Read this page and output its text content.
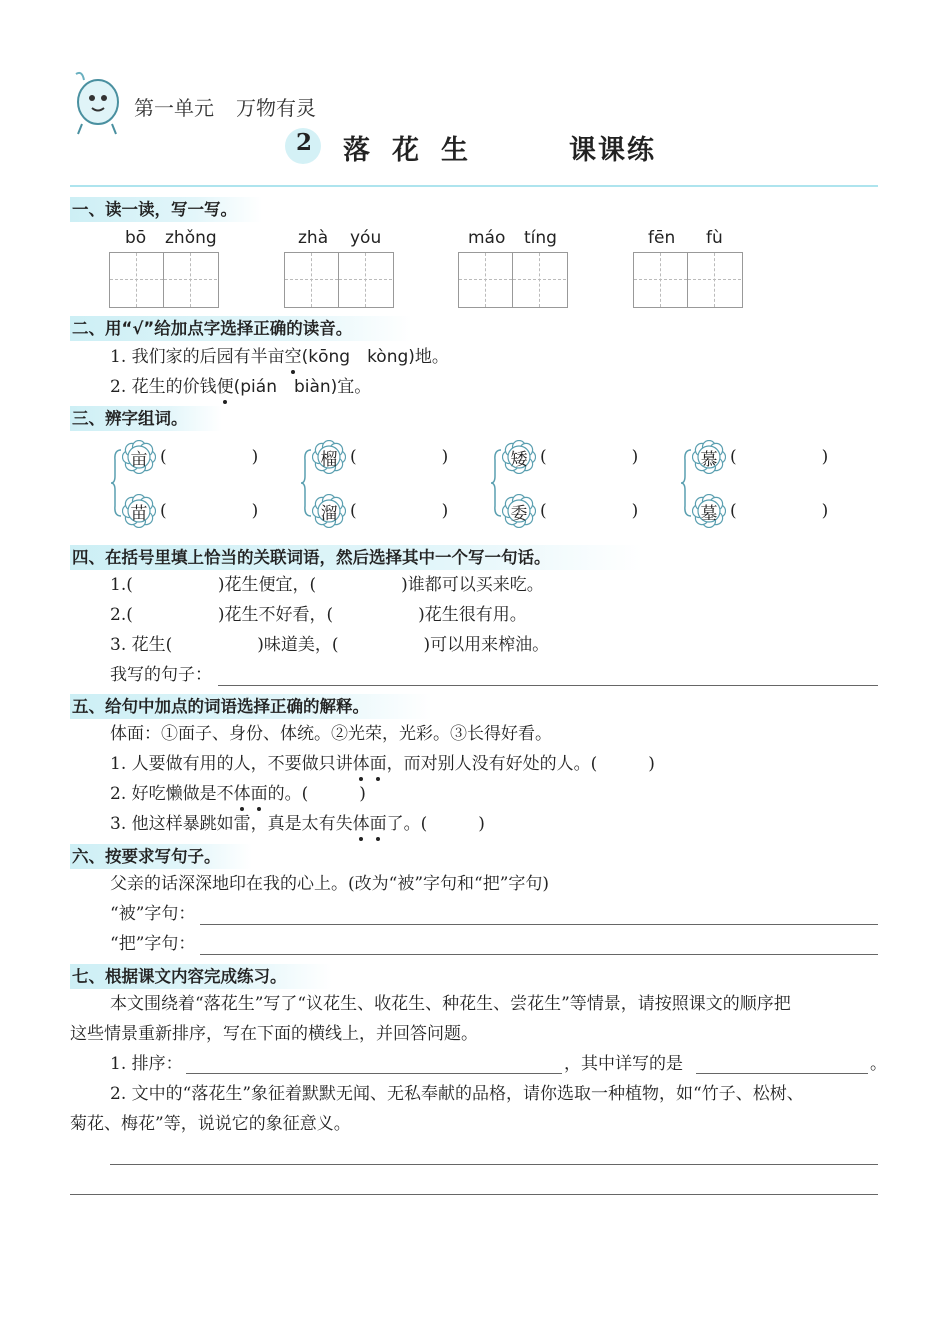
第一单元 万物有灵
2 落花生	课课练
一、读一读，写一写。
bō zhǒng	zhà yóu	máo tíng	fēn fù
二、用“√”给加点字选择正确的读音。
1. 我们家的后园有半亩空(kōng　kòng)地。
2. 花生的价钱便(pián　biàn)宜。
三、辨字组词。
亩 (　　　　　)
苗 (　　　　　)
榴 (　　　　　)
溜 (　　　　　)
矮 (　　　　　)
委 (　　　　　)
慕 (　　　　　)
墓 (　　　　　)
四、在括号里填上恰当的关联词语，然后选择其中一个写一句话。
1.(　　　　　)花生便宜，(　　　　　)谁都可以买来吃。
2.(　　　　　)花生不好看，(　　　　　)花生很有用。
3. 花生(　　　　　)味道美，(　　　　　)可以用来榨油。
我写的句子：
五、给句中加点的词语选择正确的解释。
体面：①面子、身份、体统。②光荣，光彩。③长得好看。
1. 人要做有用的人，不要做只讲体面，而对别人没有好处的人。(　　　)
2. 好吃懒做是不体面的。(　　　)
3. 他这样暴跳如雷，真是太有失体面了。(　　　)
六、按要求写句子。
父亲的话深深地印在我的心上。(改为“被”字句和“把”字句)
“被”字句：
“把”字句：
七、根据课文内容完成练习。
本文围绕着“落花生”写了“议花生、收花生、种花生、尝花生”等情景，请按照课文的顺序把
这些情景重新排序，写在下面的横线上，并回答问题。
1. 排序：	，其中详写的是	。
2. 文中的“落花生”象征着默默无闻、无私奉献的品格，请你选取一种植物，如“竹子、松树、
菊花、梅花”等，说说它的象征意义。
